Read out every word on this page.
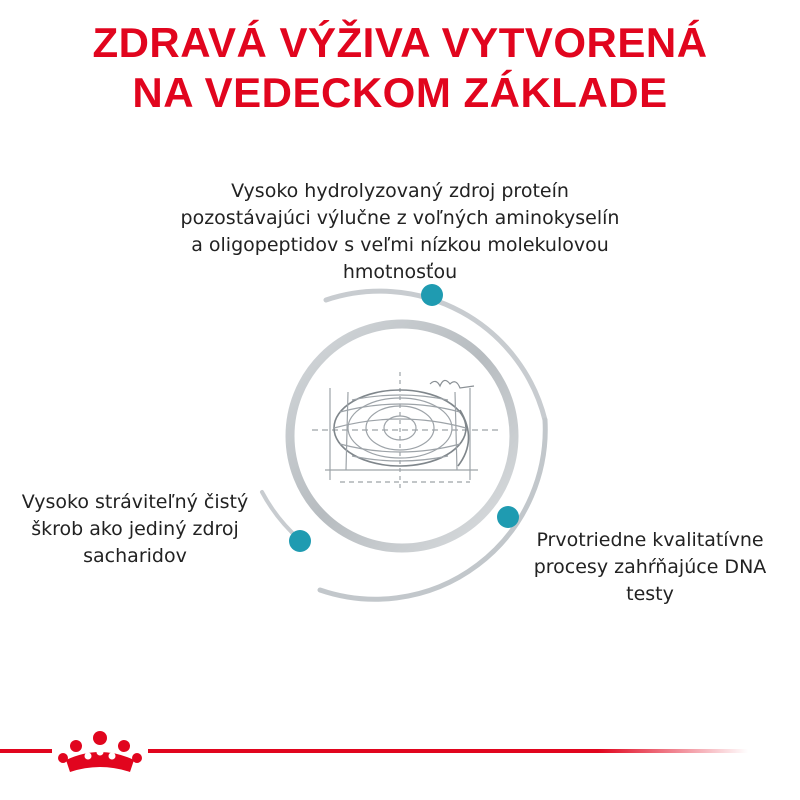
ZDRAVÁ VÝŽIVA VYTVORENÁ
NA VEDECKOM ZÁKLADE
Vysoko hydrolyzovaný zdroj proteín pozostávajúci výlučne z voľných aminokyselín a oligopeptidov s veľmi nízkou molekulovou hmotnosťou
Vysoko stráviteľný čistý škrob ako jediný zdroj sacharidov
Prvotriedne kvalitatívne procesy zahŕňajúce DNA testy
